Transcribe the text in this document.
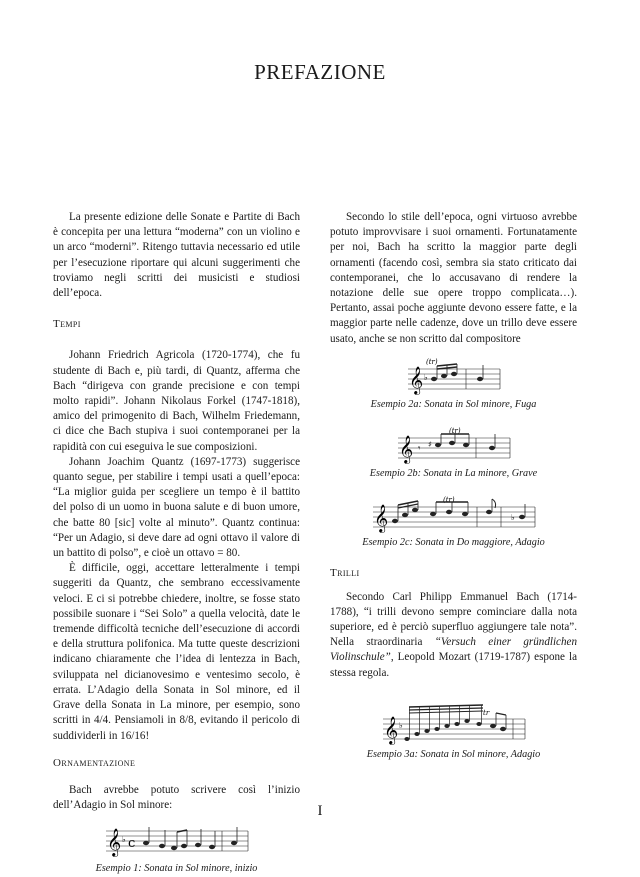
PREFAZIONE

La presente edizione delle Sonate e Partite di Bach è concepita per una lettura “moderna” con un violino e un arco “moderni”. Ritengo tuttavia necessario ed utile per l’esecuzione riportare qui alcuni suggerimenti che troviamo negli scritti dei musicisti e studiosi dell’epoca.

Tempi

Johann Friedrich Agricola (1720-1774), che fu studente di Bach e, più tardi, di Quantz, afferma che Bach “dirigeva con grande precisione e con tempi molto rapidi”. Johann Nikolaus Forkel (1747-1818), amico del primogenito di Bach, Wilhelm Friedemann, ci dice che Bach stupiva i suoi contemporanei per la rapidità con cui eseguiva le sue composizioni.

Johann Joachim Quantz (1697-1773) suggerisce quanto segue, per stabilire i tempi usati a quell’epoca: “La miglior guida per scegliere un tempo è il battito del polso di un uomo in buona salute e di buon umore, che batte 80 [sic] volte al minuto”. Quantz continua: “Per un Adagio, si deve dare ad ogni ottavo il valore di un battito di polso”, e cioè un ottavo = 80.

È difficile, oggi, accettare letteralmente i tempi suggeriti da Quantz, che sembrano eccessivamente veloci. E ci si potrebbe chiedere, inoltre, se fosse stato possibile suonare i “Sei Solo” a quella velocità, date le tremende difficoltà tecniche dell’esecuzione di accordi e della struttura polifonica. Ma tutte queste descrizioni indicano chiaramente che l’idea di lentezza in Bach, sviluppata nel dicianovesimo e ventesimo secolo, è errata. L’Adagio della Sonata in Sol minore, ed il Grave della Sonata in La minore, per esempio, sono scritti in 4/4. Pensiamoli in 8/8, evitando il pericolo di suddividerli in 16/16!

Ornamentazione

Bach avrebbe potuto scrivere così l’inizio dell’Adagio in Sol minore:

𝄞 ♭ c
Esempio 1: Sonata in Sol minore, inizio

Secondo lo stile dell’epoca, ogni virtuoso avrebbe potuto improvvisare i suoi ornamenti. Fortunatamente per noi, Bach ha scritto la maggior parte degli ornamenti (facendo così, sembra sia stato criticato dai contemporanei, che lo accusavano di rendere la notazione delle sue opere troppo complicata…). Pertanto, assai poche aggiunte devono essere fatte, e la maggior parte nelle cadenze, dove un trillo deve essere usato, anche se non scritto dal compositore

(tr)
𝄞 ♭
Esempio 2a: Sonata in Sol minore, Fuga
(tr)
𝄞 𝄾 ♯
Esempio 2b: Sonata in La minore, Grave
(tr)
𝄞	♭
Esempio 2c: Sonata in Do maggiore, Adagio
Trilli

Secondo Carl Philipp Emmanuel Bach (1714-1788), “i trilli devono sempre cominciare dalla nota superiore, ed è perciò superfluo aggiungere tale nota”. Nella straordinaria “Versuch einer gründlichen Violinschule”, Leopold Mozart (1719-1787) espone la stessa regola.

𝄞 ♭
tr
Esempio 3a: Sonata in Sol minore, Adagio
I
